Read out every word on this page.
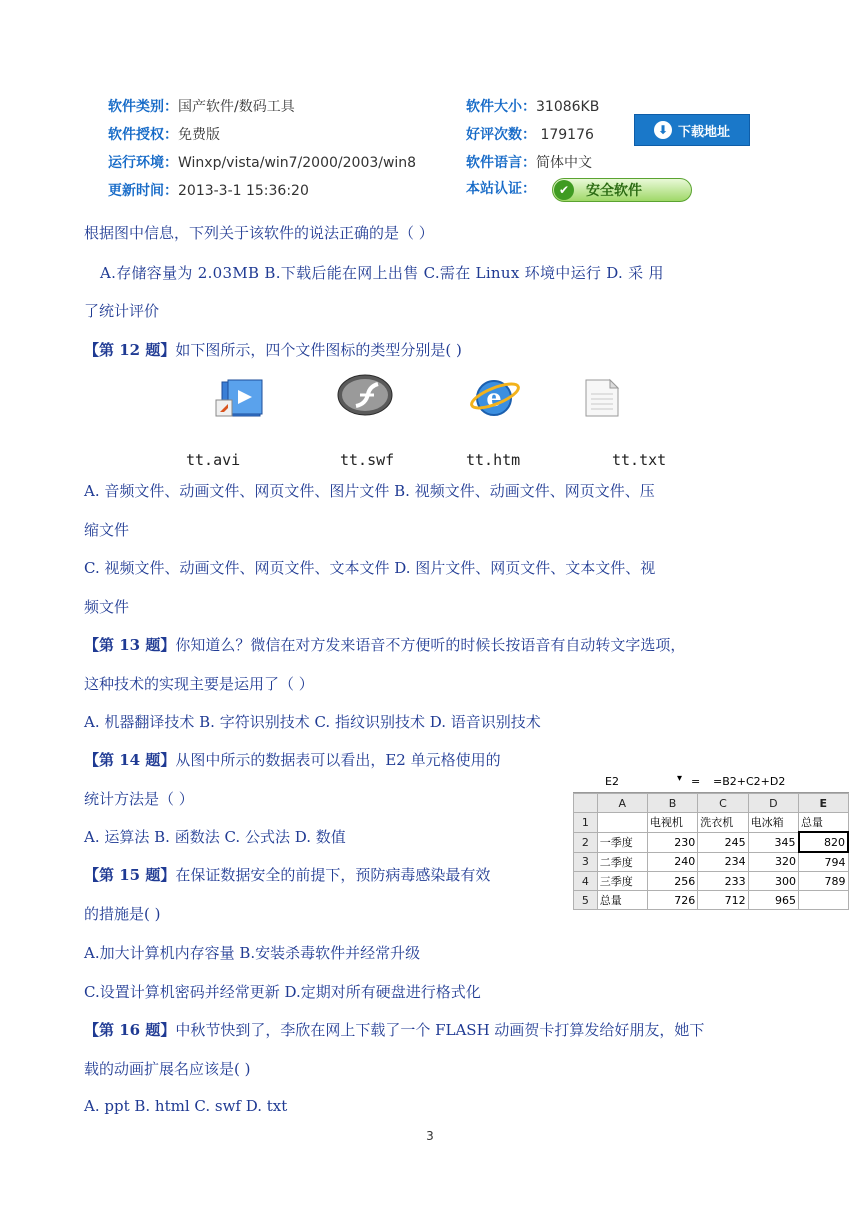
软件类别：国产软件/数码工具	软件大小：31086KB
软件授权：免费版	好评次数： 179176	⬇ 下载地址
运行环境：Winxp/vista/win7/2000/2003/win8	软件语言：简体中文
更新时间：2013-3-1 15:36:20	本站认证：	✔	安全软件
根据图中信息，下列关于该软件的说法正确的是（ ）
A.存储容量为 2.03MB B.下载后能在网上出售 C.需在 Linux 环境中运行 D. 采 用
了统计评价
【第 12 题】如下图所示，四个文件图标的类型分别是( )
e
tt.avi	tt.swf	tt.htm	tt.txt
A. 音频文件、动画文件、网页文件、图片文件 B. 视频文件、动画文件、网页文件、压
缩文件
C. 视频文件、动画文件、网页文件、文本文件 D. 图片文件、网页文件、文本文件、视
频文件
【第 13 题】你知道么？微信在对方发来语音不方便听的时候长按语音有自动转文字选项，
这种技术的实现主要是运用了（ ）
A. 机器翻译技术 B. 字符识别技术 C. 指纹识别技术 D. 语音识别技术
【第 14 题】从图中所示的数据表可以看出，E2 单元格使用的
统计方法是（ ）
A. 运算法 B. 函数法 C. 公式法 D. 数值
E2	▾ = =B2+C2+D2
	A	B	C	D	E
1		电视机	洗衣机	电冰箱	总量
2	一季度	230	245	345	820
3	二季度	240	234	320	794
4	三季度	256	233	300	789
5	总量	726	712	965	
【第 15 题】在保证数据安全的前提下，预防病毒感染最有效
的措施是( )
A.加大计算机内存容量 B.安装杀毒软件并经常升级
C.设置计算机密码并经常更新 D.定期对所有硬盘进行格式化
【第 16 题】中秋节快到了，李欣在网上下载了一个 FLASH 动画贺卡打算发给好朋友，她下
载的动画扩展名应该是( )
A. ppt B. html C. swf D. txt
3
